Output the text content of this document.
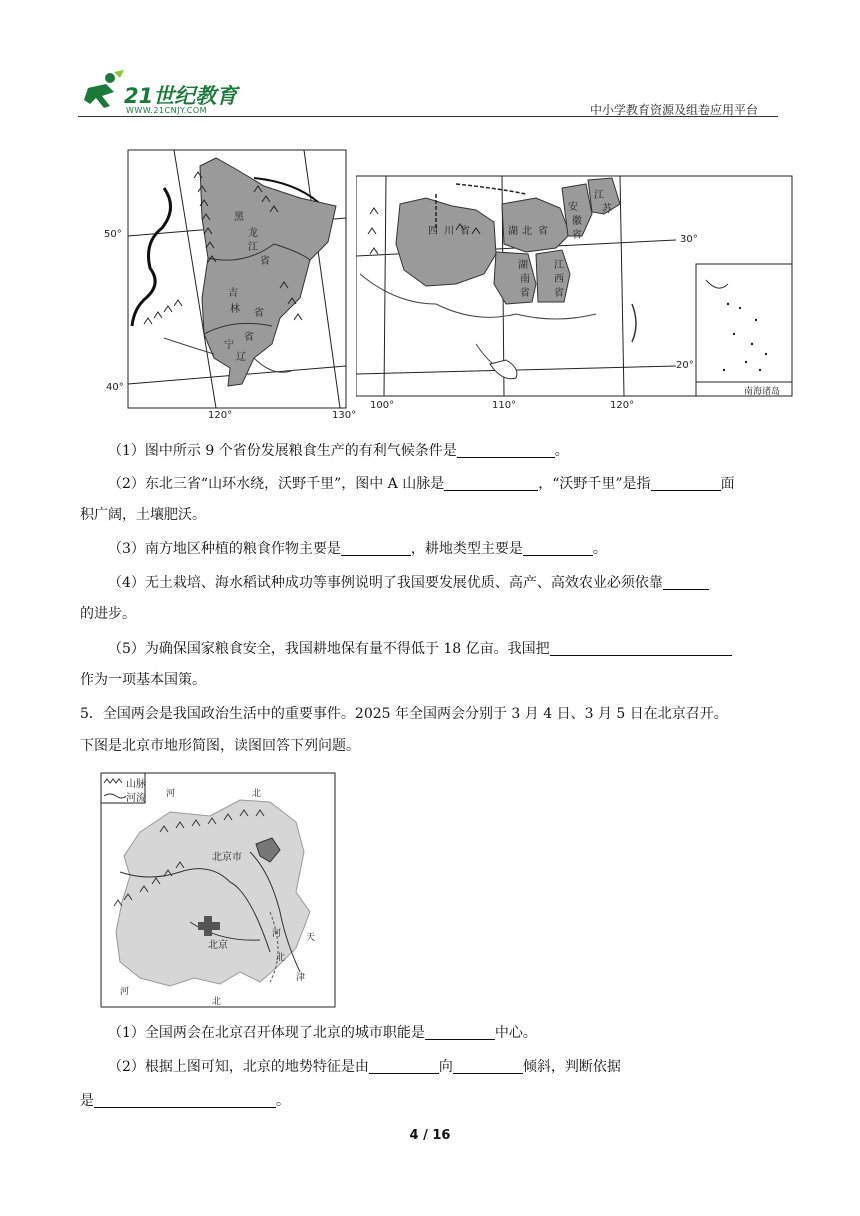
21世纪教育
WWW.21CNJY.COM	中小学教育资源及组卷应用平台
50°
40°
120°	130°
黑
龙
江
省
吉
林 省
辽
宁
省
100°	110°	120°
30°
20°
四 川 省	湖 北 省
湖
南
省
江
西
省
安
徽
省
江
苏
南海诸岛
（1）图中所示 9 个省份发展粮食生产的有利气候条件是	。
（2）东北三省“山环水绕，沃野千里”，图中 A 山脉是	，“沃野千里”是指	面
积广阔，土壤肥沃。
（3）南方地区种植的粮食作物主要是	，耕地类型主要是	。
（4）无土栽培、海水稻试种成功等事例说明了我国要发展优质、高产、高效农业必须依靠
的进步。
（5）为确保国家粮食安全，我国耕地保有量不得低于 18 亿亩。我国把
作为一项基本国策。
5．全国两会是我国政治生活中的重要事件。2025 年全国两会分别于 3 月 4 日、3 月 5 日在北京召开。
下图是北京市地形简图，读图回答下列问题。
山脉
河流 河	北
北京市
北京
河	天
北
津
河
北
（1）全国两会在北京召开体现了北京的城市职能是	中心。
（2）根据上图可知，北京的地势特征是由	向	倾斜，判断依据
是	。
4 / 16
